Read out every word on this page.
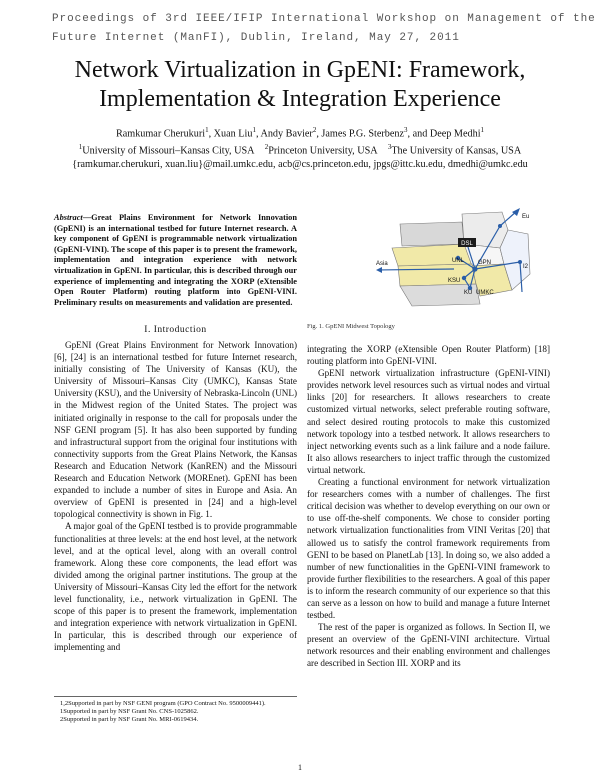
Proceedings of 3rd IEEE/IFIP International Workshop on Management of the
Future Internet (ManFI), Dublin, Ireland, May 27, 2011
Network Virtualization in GpENI: Framework,
Implementation & Integration Experience
Ramkumar Cherukuri$^1$, Xuan Liu$^1$, Andy Bavier$^2$, James P.G. Sterbenz$^3$, and Deep Medhi$^1$
$^1$University of Missouri–Kansas City, USA $^2$Princeton University, USA $^3$The University of Kansas, USA
{ramkumar.cherukuri, xuan.liu}@mail.umkc.edu, acb@cs.princeton.edu, jpgs@ittc.ku.edu, dmedhi@umkc.edu
Abstract—Great Plains Environment for Network Innovation (GpENI) is an international testbed for future Internet research. A key component of GpENI is programmable network virtualization (GpENI-VINI). The scope of this paper is to present the framework, implementation and integration experience with network virtualization in GpENI. In particular, this is described through our experience of implementing and integrating the XORP (eXtensible Open Router Platform) routing platform into GpENI-VINI. Preliminary results on measurements and validation are presented.
I. Introduction

GpENI (Great Plains Environment for Network Innovation) [6], [24] is an international testbed for future Internet research, initially consisting of The University of Kansas (KU), the University of Missouri–Kansas City (UMKC), Kansas State University (KSU), and the University of Nebraska-Lincoln (UNL) in the Midwest region of the United States. The project was initiated originally in response to the call for proposals under the NSF GENI program [5]. It has also been supported by funding and infrastructural support from the original four institutions with connectivity supports from the Great Plains Network, the Kansas Research and Education Network (KanREN) and the Missouri Research and Education Network (MOREnet). GpENI has been expanded to include a number of sites in Europe and Asia. An overview of GpENI is presented in [24] and a high-level topological connectivity is shown in Fig. 1.

A major goal of the GpENI testbed is to provide programmable functionalities at three levels: at the end host level, at the network level, and at the optical level, along with an overall control framework. Along these core components, the lead effort was divided among the original partner institutions. The group at the University of Missouri–Kansas City led the effort for the network level functionality, i.e., network virtualization in GpENI. The scope of this paper is to present the framework, implementation and integration experience with network virtualization in GpENI. In particular, this is described through our experience of implementing and

1,2Supported in part by NSF GENI program (GPO Contract No. 9500009441).
1Supported in part by NSF Grant No. CNS-1025862.
2Supported in part by NSF Grant No. MRI-0619434.
DSL
UNL GPN
KSU
KU UMKC
Asia
Eu
I2
Fig. 1. GpENI Midwest Topology

integrating the XORP (eXtensible Open Router Platform) [18] routing platform into GpENI-VINI.

GpENI network virtualization infrastructure (GpENI-VINI) provides network level resources such as virtual nodes and virtual links [20] for researchers. It allows researchers to create customized virtual networks, select preferable routing software, and select desired routing protocols to make this customized network topology into a testbed network. It allows researchers to inject networking events such as a link failure and a node failure. It also allows researchers to inject traffic through the customized virtual network.

Creating a functional environment for network virtualization for researchers comes with a number of challenges. The first critical decision was whether to develop everything on our own or to use off-the-shelf components. We chose to consider porting network virtualization functionalities from VINI Veritas [20] that allowed us to satisfy the control framework requirements from GENI to be based on PlanetLab [13]. In doing so, we also added a number of new functionalities in the GpENI-VINI framework to provide further flexibilities to the researchers. A goal of this paper is to inform the research community of our experience so that this can serve as a lesson on how to build and manage a future Internet testbed.

The rest of the paper is organized as follows. In Section II, we present an overview of the GpENI-VINI architecture. Virtual network resources and their enabling environment and challenges are described in Section III. XORP and its

1
